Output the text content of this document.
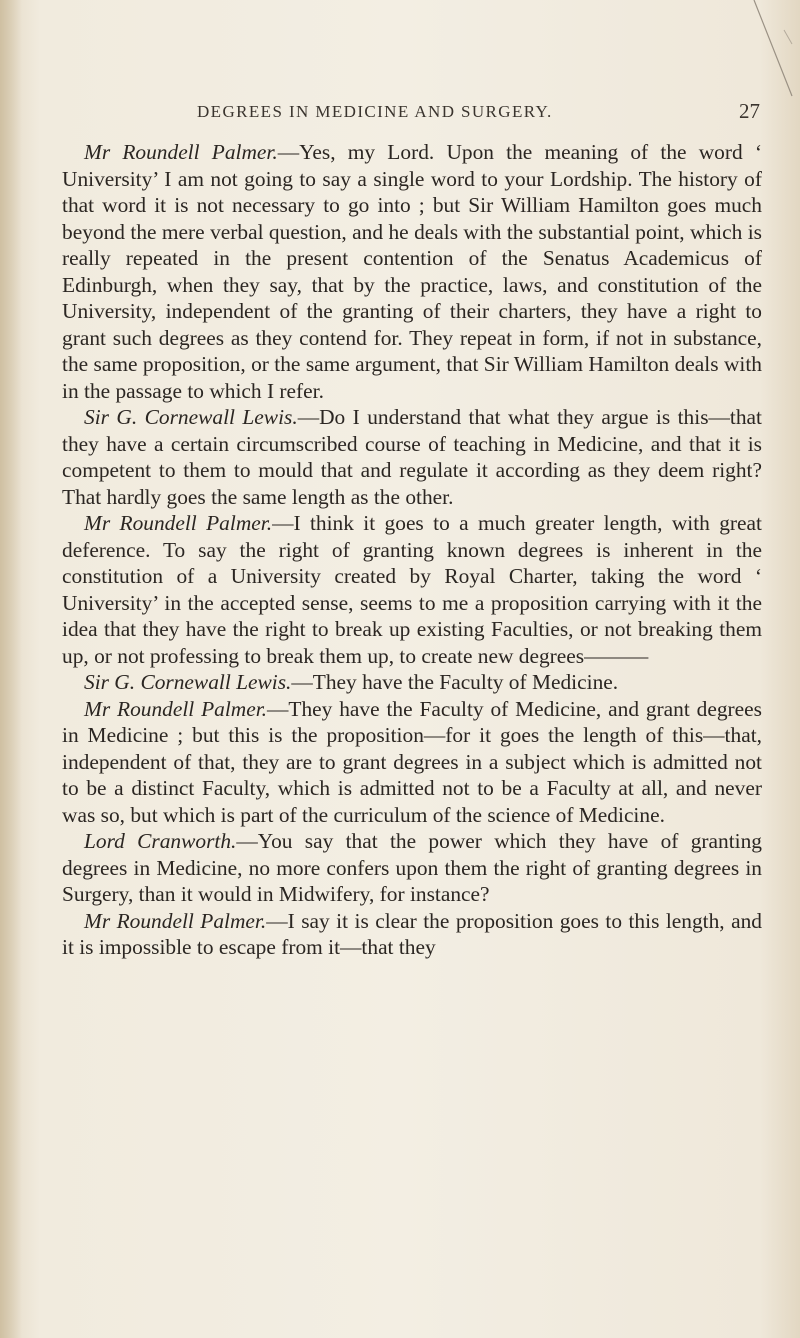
DEGREES IN MEDICINE AND SURGERY.	27

Mr Roundell Palmer.—Yes, my Lord. Upon the meaning of the word ‘ University’ I am not going to say a single word to your Lordship. The history of that word it is not necessary to go into ; but Sir William Hamilton goes much beyond the mere verbal question, and he deals with the substantial point, which is really repeated in the present contention of the Senatus Academicus of Edinburgh, when they say, that by the practice, laws, and constitution of the University, independent of the granting of their charters, they have a right to grant such degrees as they contend for. They repeat in form, if not in substance, the same proposition, or the same argument, that Sir William Hamilton deals with in the passage to which I refer.

Sir G. Cornewall Lewis.—Do I understand that what they argue is this—that they have a certain circumscribed course of teaching in Medicine, and that it is competent to them to mould that and regulate it according as they deem right? That hardly goes the same length as the other.

Mr Roundell Palmer.—I think it goes to a much greater length, with great deference. To say the right of granting known degrees is inherent in the constitution of a University created by Royal Charter, taking the word ‘ University’ in the accepted sense, seems to me a proposition carrying with it the idea that they have the right to break up existing Faculties, or not breaking them up, or not professing to break them up, to create new degrees———

Sir G. Cornewall Lewis.—They have the Faculty of Medicine.

Mr Roundell Palmer.—They have the Faculty of Medicine, and grant degrees in Medicine ; but this is the proposition—for it goes the length of this—that, independent of that, they are to grant degrees in a subject which is admitted not to be a distinct Faculty, which is admitted not to be a Faculty at all, and never was so, but which is part of the curriculum of the science of Medicine.

Lord Cranworth.—You say that the power which they have of granting degrees in Medicine, no more confers upon them the right of granting degrees in Surgery, than it would in Midwifery, for instance?

Mr Roundell Palmer.—I say it is clear the proposition goes to this length, and it is impossible to escape from it—that they
